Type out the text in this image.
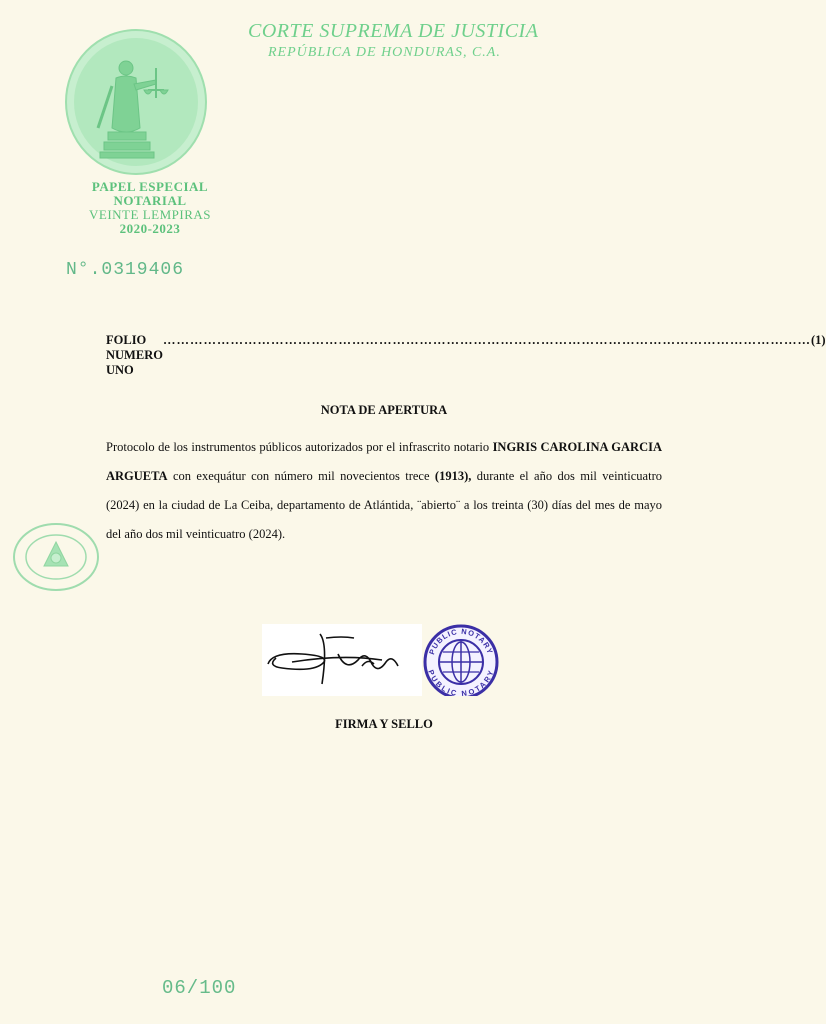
CORTE SUPREMA DE JUSTICIA
REPÚBLICA DE HONDURAS, C.A.
PAPEL ESPECIAL
NOTARIAL
VEINTE LEMPIRAS
2020-2023
N°.0319406
FOLIO NUMERO UNO
……………………………………………………………………………………………………………………………… (1)
NOTA DE APERTURA
Protocolo de los instrumentos públicos autorizados por el infrascrito notario INGRIS CAROLINA GARCIA ARGUETA con exequátur con número mil novecientos trece (1913), durante el año dos mil veinticuatro (2024) en la ciudad de La Ceiba, departamento de Atlántida, ¨abierto¨ a los treinta (30) días del mes de mayo del año dos mil veinticuatro (2024).
PUBLIC NOTARY
PUBLIC NOTARY
FIRMA Y SELLO
06/100
